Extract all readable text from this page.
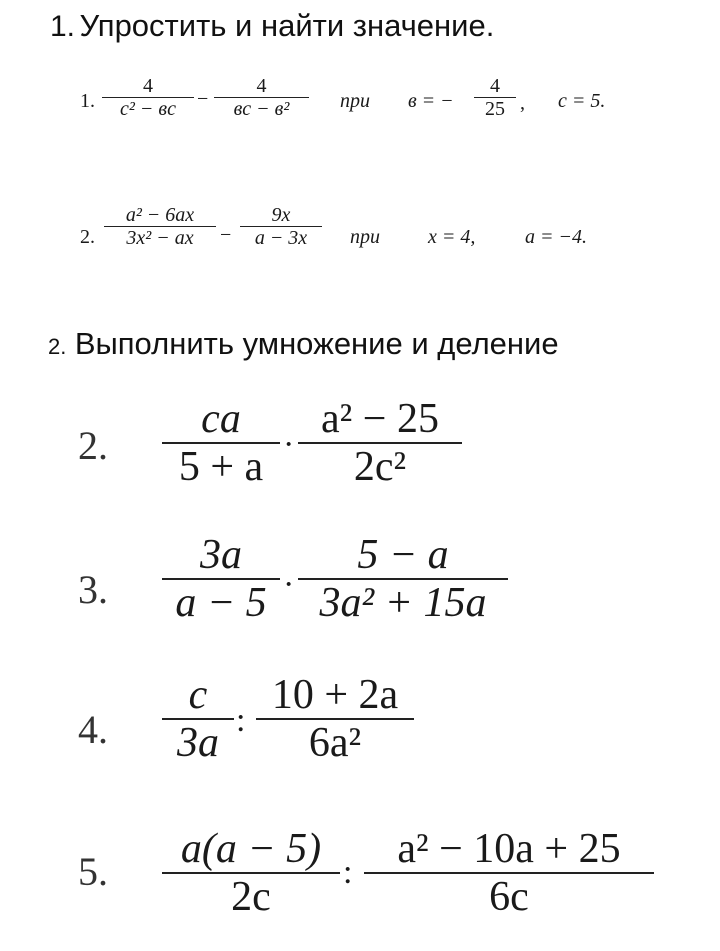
1. Упростить и найти значение.
1.
4
c² − вc −
4
вc − в²	при в = −
4
25 , c = 5.
2.
a² − 6ax
3x² − ax −
9x
a − 3x при x = 4, a = −4.
2. Выполнить умножение и деление
2.
ca
5 + a ·
a² − 25
2c²
3.
3a
a − 5 ·
5 − a
3a² + 15a
4.
c
3a :
10 + 2a
6a²
5. a(a − 5)
2c
:
a² − 10a + 25
6c
